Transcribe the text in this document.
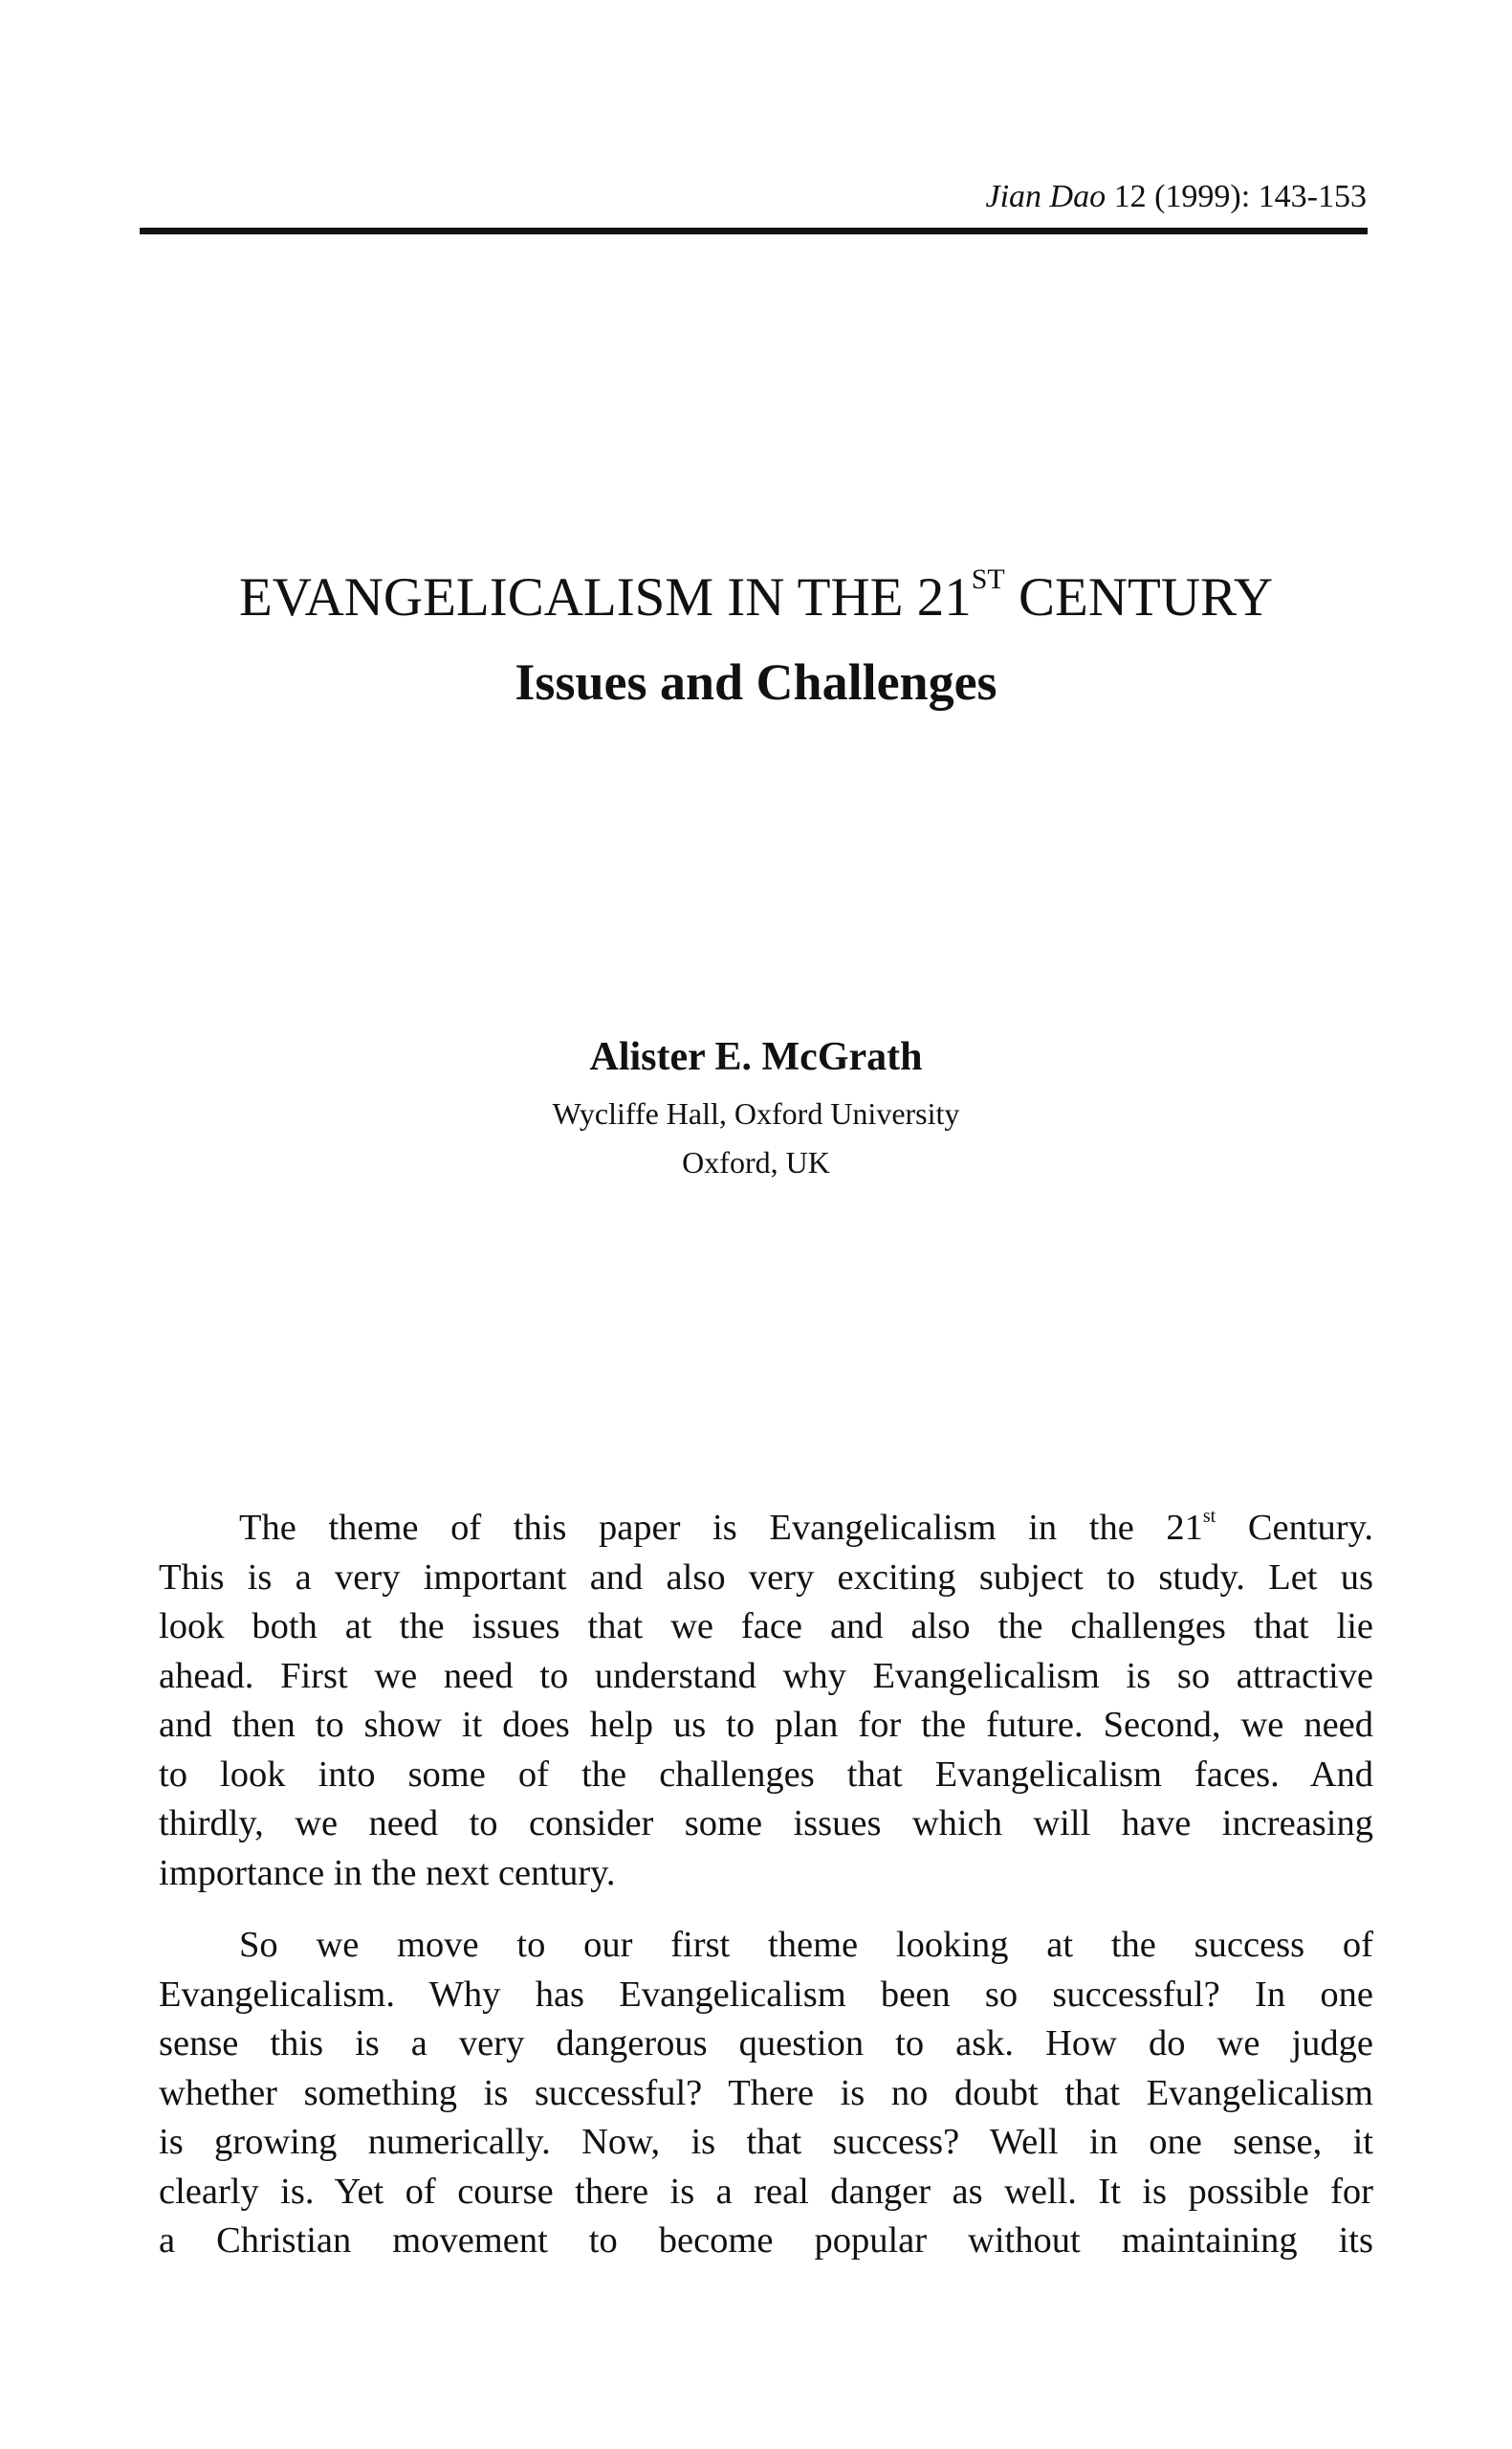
Jian Dao 12 (1999): 143-153
EVANGELICALISM IN THE 21ST CENTURY
Issues and Challenges
Alister E. McGrath
Wycliffe Hall, Oxford University
Oxford, UK
The theme of this paper is Evangelicalism in the 21st Century.
This is a very important and also very exciting subject to study. Let us
look both at the issues that we face and also the challenges that lie
ahead. First we need to understand why Evangelicalism is so attractive
and then to show it does help us to plan for the future. Second, we need
to look into some of the challenges that Evangelicalism faces. And
thirdly, we need to consider some issues which will have increasing
importance in the next century.
So we move to our first theme looking at the success of
Evangelicalism. Why has Evangelicalism been so successful? In one
sense this is a very dangerous question to ask. How do we judge
whether something is successful? There is no doubt that Evangelicalism
is growing numerically. Now, is that success? Well in one sense, it
clearly is. Yet of course there is a real danger as well. It is possible for
a Christian movement to become popular without maintaining its
